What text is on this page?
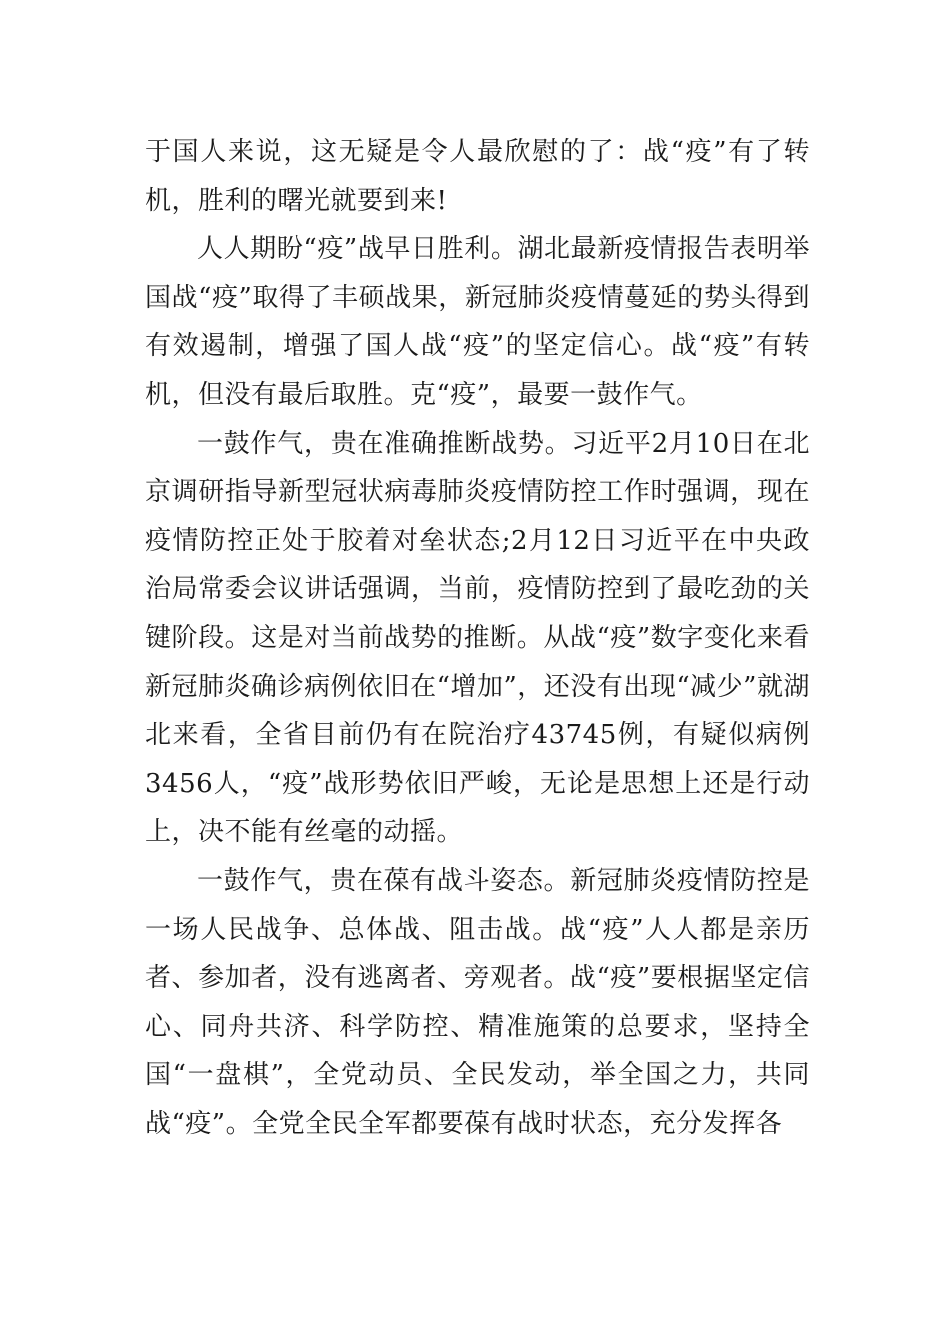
于国人来说，这无疑是令人最欣慰的了：战“疫”有了转机，胜利的曙光就要到来!

人人期盼“疫”战早日胜利。湖北最新疫情报告表明举国战“疫”取得了丰硕战果，新冠肺炎疫情蔓延的势头得到有效遏制，增强了国人战“疫”的坚定信心。战“疫”有转机，但没有最后取胜。克“疫”，最要一鼓作气。

一鼓作气，贵在准确推断战势。习近平2月10日在北京调研指导新型冠状病毒肺炎疫情防控工作时强调，现在疫情防控正处于胶着对垒状态;2月12日习近平在中央政治局常委会议讲话强调，当前，疫情防控到了最吃劲的关键阶段。这是对当前战势的推断。从战“疫”数字变化来看新冠肺炎确诊病例依旧在“增加”，还没有出现“减少”就湖北来看，全省目前仍有在院治疗43745例，有疑似病例3456人，“疫”战形势依旧严峻，无论是思想上还是行动上，决不能有丝毫的动摇。

一鼓作气，贵在葆有战斗姿态。新冠肺炎疫情防控是一场人民战争、总体战、阻击战。战“疫”人人都是亲历者、参加者，没有逃离者、旁观者。战“疫”要根据坚定信心、同舟共济、科学防控、精准施策的总要求，坚持全国“一盘棋”，全党动员、全民发动，举全国之力，共同战“疫”。全党全民全军都要葆有战时状态，充分发挥各
